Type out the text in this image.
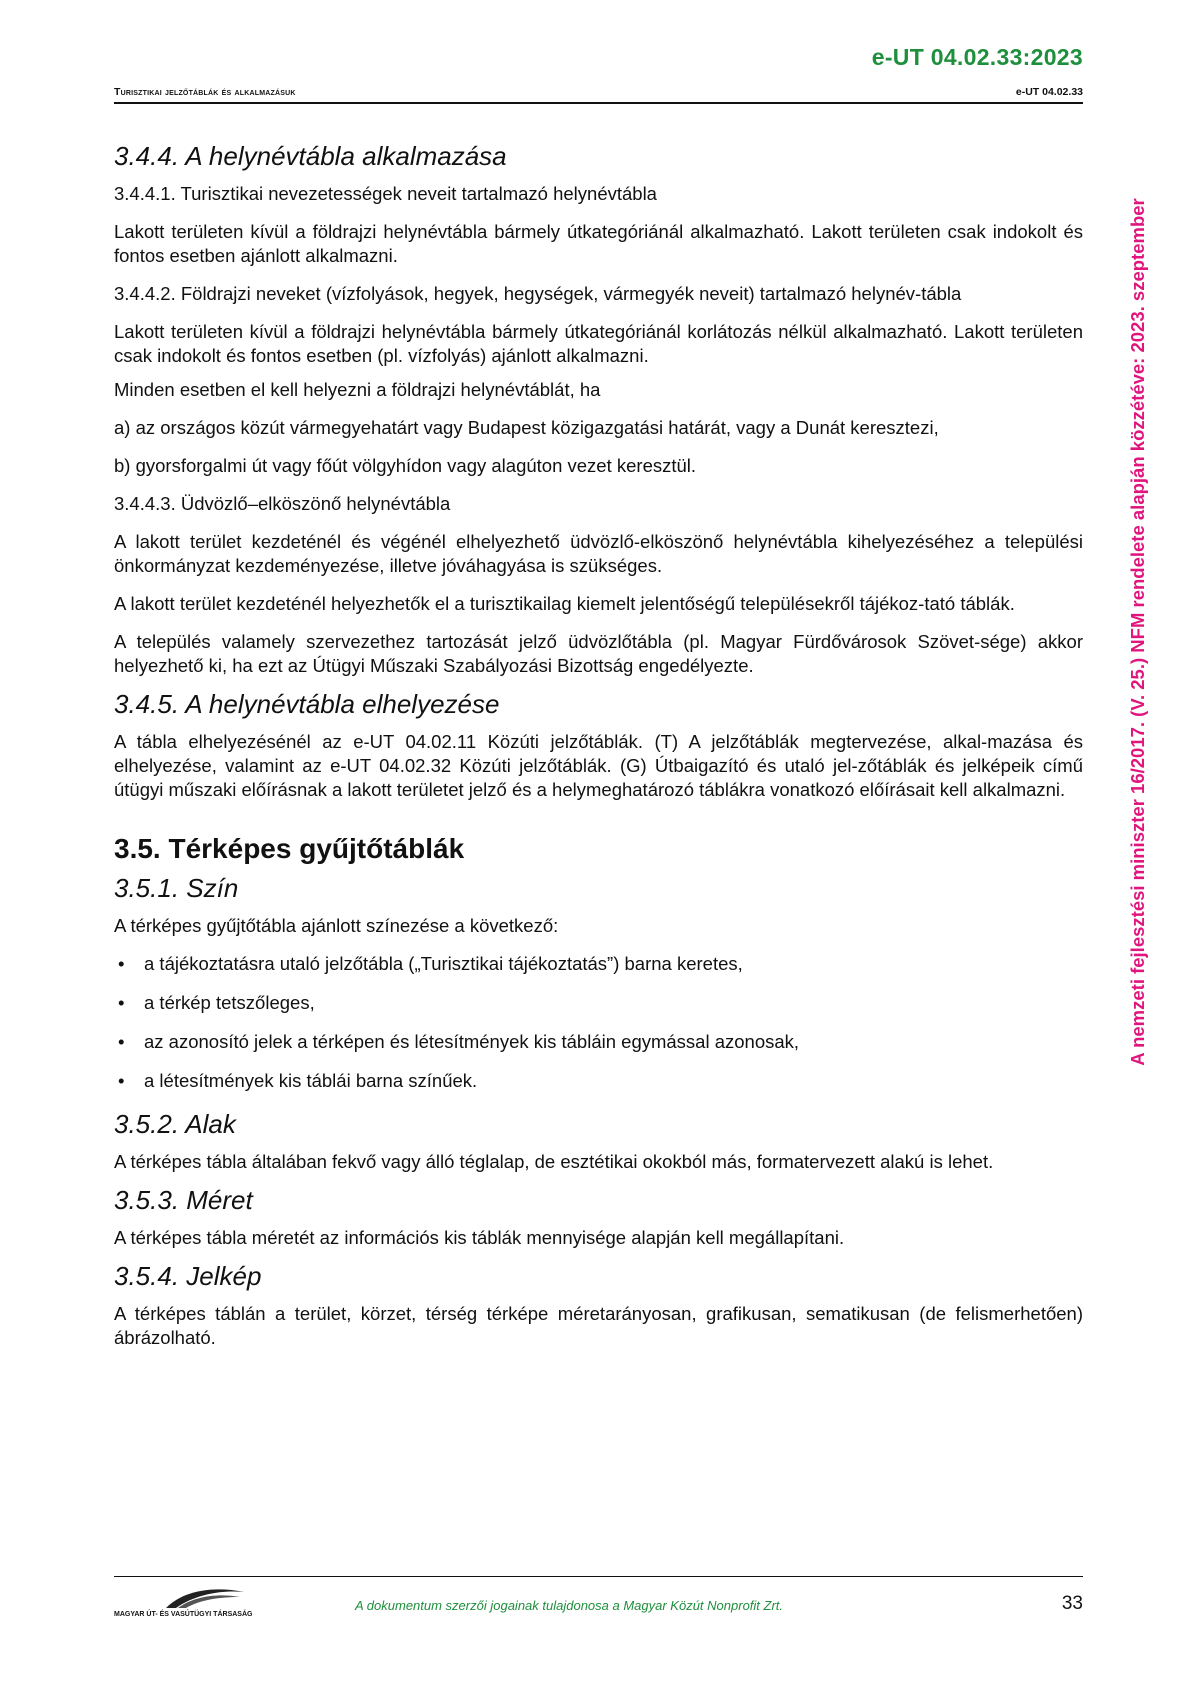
e-UT 04.02.33:2023
Turisztikai jelzőtáblák és alkalmazásuk	e-UT 04.02.33
A nemzeti fejlesztési miniszter 16/2017. (V. 25.) NFM rendelete alapján közzétéve: 2023. szeptember
3.4.4. A helynévtábla alkalmazása

3.4.4.1. Turisztikai nevezetességek neveit tartalmazó helynévtábla

Lakott területen kívül a földrajzi helynévtábla bármely útkategóriánál alkalmazható. Lakott területen csak indokolt és fontos esetben ajánlott alkalmazni.

3.4.4.2. Földrajzi neveket (vízfolyások, hegyek, hegységek, vármegyék neveit) tartalmazó helynév-tábla

Lakott területen kívül a földrajzi helynévtábla bármely útkategóriánál korlátozás nélkül alkalmazható. Lakott területen csak indokolt és fontos esetben (pl. vízfolyás) ajánlott alkalmazni.

Minden esetben el kell helyezni a földrajzi helynévtáblát, ha

a) az országos közút vármegyehatárt vagy Budapest közigazgatási határát, vagy a Dunát keresztezi,

b) gyorsforgalmi út vagy főút völgyhídon vagy alagúton vezet keresztül.

3.4.4.3. Üdvözlő–elköszönő helynévtábla

A lakott terület kezdeténél és végénél elhelyezhető üdvözlő-elköszönő helynévtábla kihelyezéséhez a települési önkormányzat kezdeményezése, illetve jóváhagyása is szükséges.

A lakott terület kezdeténél helyezhetők el a turisztikailag kiemelt jelentőségű településekről tájékoz-tató táblák.

A település valamely szervezethez tartozását jelző üdvözlőtábla (pl. Magyar Fürdővárosok Szövet-sége) akkor helyezhető ki, ha ezt az Útügyi Műszaki Szabályozási Bizottság engedélyezte.

3.4.5. A helynévtábla elhelyezése

A tábla elhelyezésénél az e-UT 04.02.11 Közúti jelzőtáblák. (T) A jelzőtáblák megtervezése, alkal-mazása és elhelyezése, valamint az e-UT 04.02.32 Közúti jelzőtáblák. (G) Útbaigazító és utaló jel-zőtáblák és jelképeik című útügyi műszaki előírásnak a lakott területet jelző és a helymeghatározó táblákra vonatkozó előírásait kell alkalmazni.

3.5. Térképes gyűjtőtáblák
3.5.1. Szín

A térképes gyűjtőtábla ajánlott színezése a következő:

• a tájékoztatásra utaló jelzőtábla („Turisztikai tájékoztatás”) barna keretes,
• a térkép tetszőleges,
• az azonosító jelek a térképen és létesítmények kis tábláin egymással azonosak,
• a létesítmények kis táblái barna színűek.
3.5.2. Alak

A térképes tábla általában fekvő vagy álló téglalap, de esztétikai okokból más, formatervezett alakú is lehet.

3.5.3. Méret

A térképes tábla méretét az információs kis táblák mennyisége alapján kell megállapítani.

3.5.4. Jelkép

A térképes táblán a terület, körzet, térség térképe méretarányosan, grafikusan, sematikusan (de felismerhetően) ábrázolható.

MAGYAR ÚT- ÉS VASÚTÜGYI TÁRSASÁG
A dokumentum szerzői jogainak tulajdonosa a Magyar Közút Nonprofit Zrt.	33
